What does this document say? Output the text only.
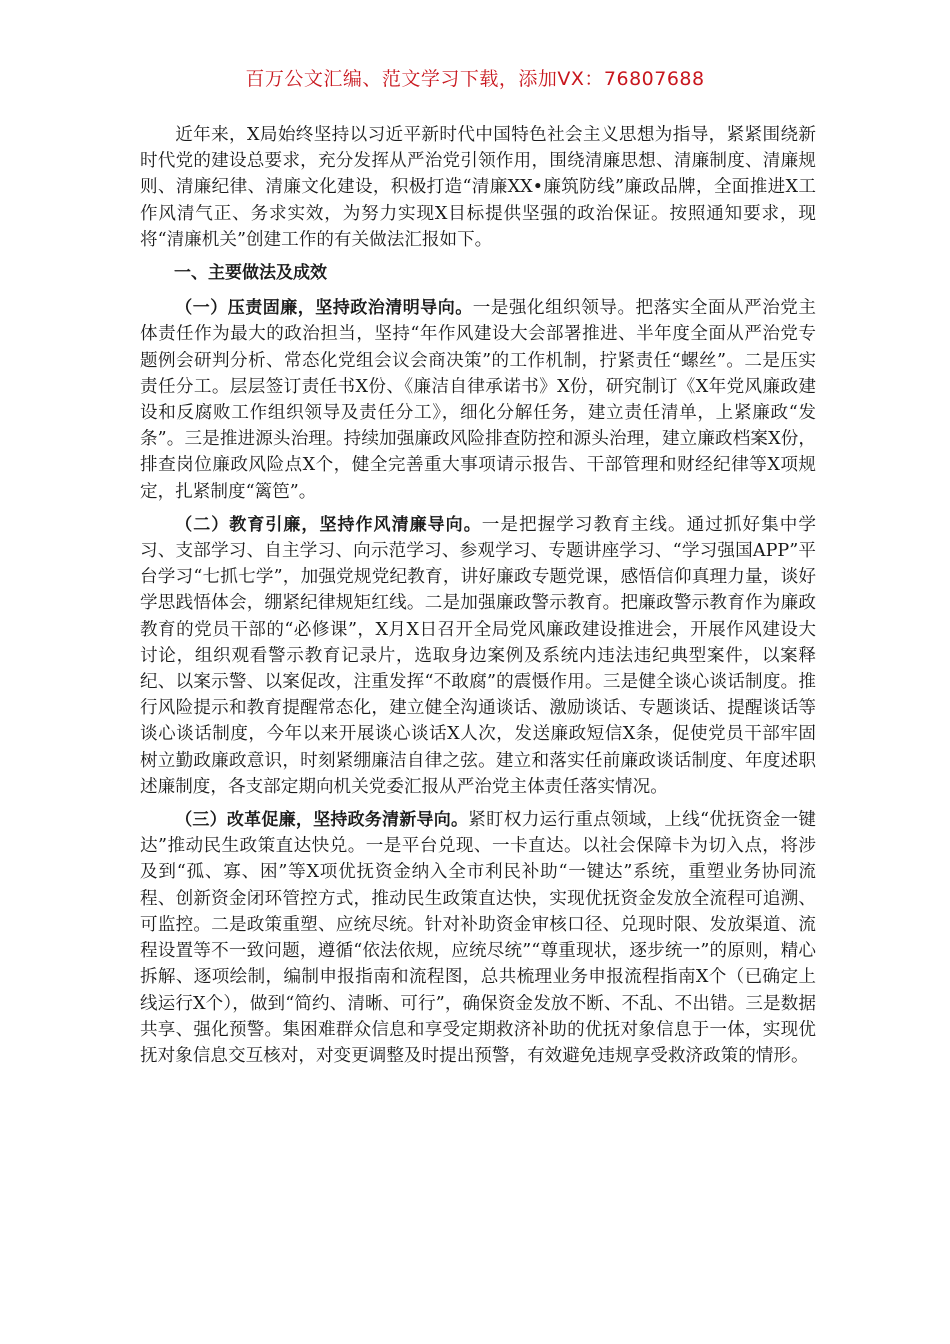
百万公文汇编、范文学习下载，添加VX：76807688

近年来，X局始终坚持以习近平新时代中国特色社会主义思想为指导，紧紧围绕新时代党的建设总要求，充分发挥从严治党引领作用，围绕清廉思想、清廉制度、清廉规则、清廉纪律、清廉文化建设，积极打造“清廉XX•廉筑防线”廉政品牌，全面推进X工作风清气正、务求实效，为努力实现X目标提供坚强的政治保证。按照通知要求，现将“清廉机关”创建工作的有关做法汇报如下。

一、主要做法及成效

（一）压责固廉，坚持政治清明导向。一是强化组织领导。把落实全面从严治党主体责任作为最大的政治担当，坚持“年作风建设大会部署推进、半年度全面从严治党专题例会研判分析、常态化党组会议会商决策”的工作机制，拧紧责任“螺丝”。二是压实责任分工。层层签订责任书X份、《廉洁自律承诺书》X份，研究制订《X年党风廉政建设和反腐败工作组织领导及责任分工》，细化分解任务，建立责任清单，上紧廉政“发条”。三是推进源头治理。持续加强廉政风险排查防控和源头治理，建立廉政档案X份，排查岗位廉政风险点X个，健全完善重大事项请示报告、干部管理和财经纪律等X项规定，扎紧制度“篱笆”。

（二）教育引廉，坚持作风清廉导向。一是把握学习教育主线。通过抓好集中学习、支部学习、自主学习、向示范学习、参观学习、专题讲座学习、“学习强国APP”平台学习“七抓七学”，加强党规党纪教育，讲好廉政专题党课，感悟信仰真理力量，谈好学思践悟体会，绷紧纪律规矩红线。二是加强廉政警示教育。把廉政警示教育作为廉政教育的党员干部的“必修课”，X月X日召开全局党风廉政建设推进会，开展作风建设大讨论，组织观看警示教育记录片，选取身边案例及系统内违法违纪典型案件，以案释纪、以案示警、以案促改，注重发挥“不敢腐”的震慑作用。三是健全谈心谈话制度。推行风险提示和教育提醒常态化，建立健全沟通谈话、激励谈话、专题谈话、提醒谈话等谈心谈话制度，今年以来开展谈心谈话X人次，发送廉政短信X条，促使党员干部牢固树立勤政廉政意识，时刻紧绷廉洁自律之弦。建立和落实任前廉政谈话制度、年度述职述廉制度，各支部定期向机关党委汇报从严治党主体责任落实情况。

（三）改革促廉，坚持政务清新导向。紧盯权力运行重点领域，上线“优抚资金一键达”推动民生政策直达快兑。一是平台兑现、一卡直达。以社会保障卡为切入点，将涉及到“孤、寡、困”等X项优抚资金纳入全市利民补助“一键达”系统，重塑业务协同流程、创新资金闭环管控方式，推动民生政策直达快，实现优抚资金发放全流程可追溯、可监控。二是政策重塑、应统尽统。针对补助资金审核口径、兑现时限、发放渠道、流程设置等不一致问题，遵循“依法依规，应统尽统”“尊重现状，逐步统一”的原则，精心拆解、逐项绘制，编制申报指南和流程图，总共梳理业务申报流程指南X个（已确定上线运行X个），做到“简约、清晰、可行”，确保资金发放不断、不乱、不出错。三是数据共享、强化预警。集困难群众信息和享受定期救济补助的优抚对象信息于一体，实现优抚对象信息交互核对，对变更调整及时提出预警，有效避免违规享受救济政策的情形。
